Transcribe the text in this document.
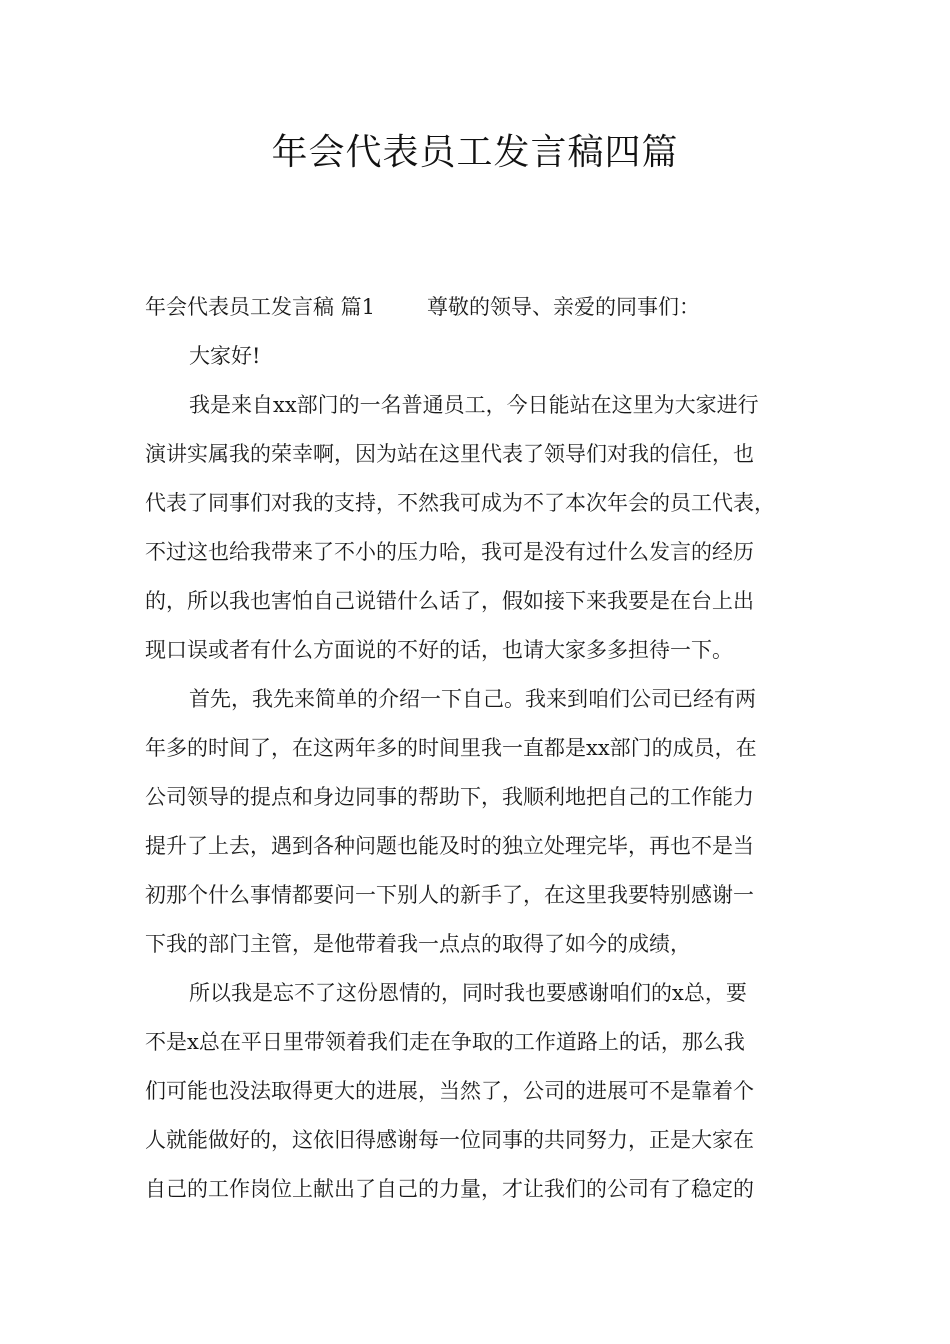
年会代表员工发言稿四篇
年会代表员工发言稿 篇1 尊敬的领导、亲爱的同事们：
大家好!
我是来自xx部门的一名普通员工，今日能站在这里为大家进行
演讲实属我的荣幸啊，因为站在这里代表了领导们对我的信任，也
代表了同事们对我的支持，不然我可成为不了本次年会的员工代表，
不过这也给我带来了不小的压力哈，我可是没有过什么发言的经历
的，所以我也害怕自己说错什么话了，假如接下来我要是在台上出
现口误或者有什么方面说的不好的话，也请大家多多担待一下。
首先，我先来简单的介绍一下自己。我来到咱们公司已经有两
年多的时间了，在这两年多的时间里我一直都是xx部门的成员，在
公司领导的提点和身边同事的帮助下，我顺利地把自己的工作能力
提升了上去，遇到各种问题也能及时的独立处理完毕，再也不是当
初那个什么事情都要问一下别人的新手了，在这里我要特别感谢一
下我的部门主管，是他带着我一点点的取得了如今的成绩，
所以我是忘不了这份恩情的，同时我也要感谢咱们的x总，要
不是x总在平日里带领着我们走在争取的工作道路上的话，那么我
们可能也没法取得更大的进展，当然了，公司的进展可不是靠着个
人就能做好的，这依旧得感谢每一位同事的共同努力，正是大家在
自己的工作岗位上献出了自己的力量，才让我们的公司有了稳定的
